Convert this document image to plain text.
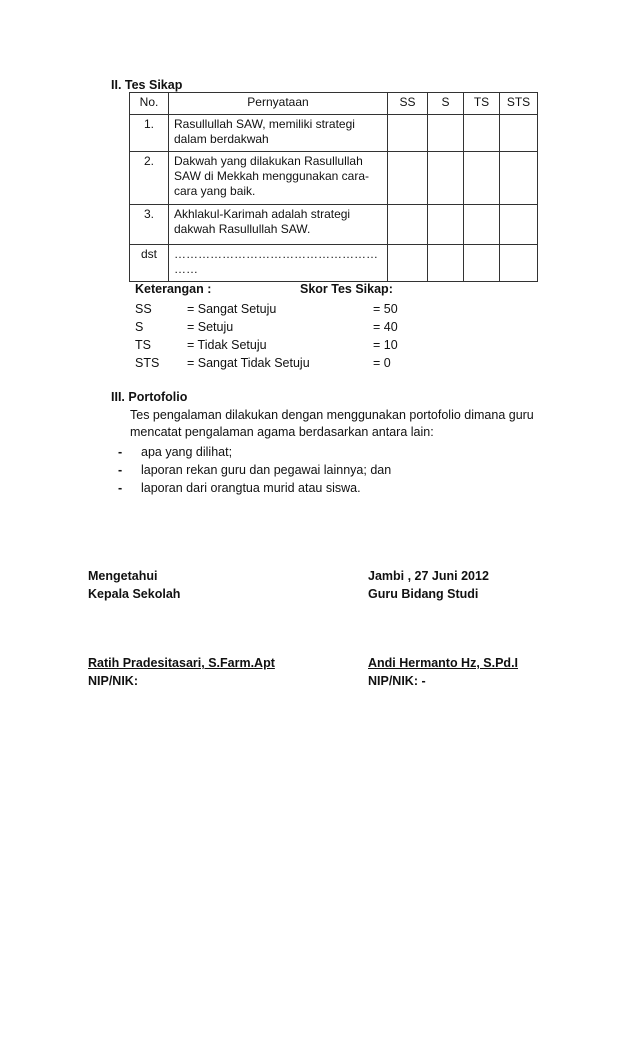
II. Tes Sikap
No.	Pernyataan	SS	S	TS	STS
1.	Rasullullah SAW, memiliki strategi
dalam berdakwah				

2.	Dakwah yang dilakukan Rasullullah
SAW di Mekkah menggunakan cara-
cara yang baik.				

3.	Akhlakul-Karimah adalah strategi
dakwah Rasullullah SAW.				

dst	……………………………………………
……				

Keterangan :	Skor Tes Sikap:
SS	= Sangat Setuju	= 50
S	= Setuju	= 40
TS	= Tidak Setuju	= 10
STS = Sangat Tidak Setuju	= 0
III. Portofolio
Tes pengalaman dilakukan dengan menggunakan portofolio dimana guru
mencatat pengalaman agama berdasarkan antara lain:
- apa yang dilihat;
- laporan rekan guru dan pegawai lainnya; dan
- laporan dari orangtua murid atau siswa.
Mengetahui
Kepala Sekolah
Ratih Pradesitasari, S.Farm.Apt
NIP/NIK:
Jambi , 27 Juni 2012
Guru Bidang Studi
Andi Hermanto Hz, S.Pd.I
NIP/NIK: -
